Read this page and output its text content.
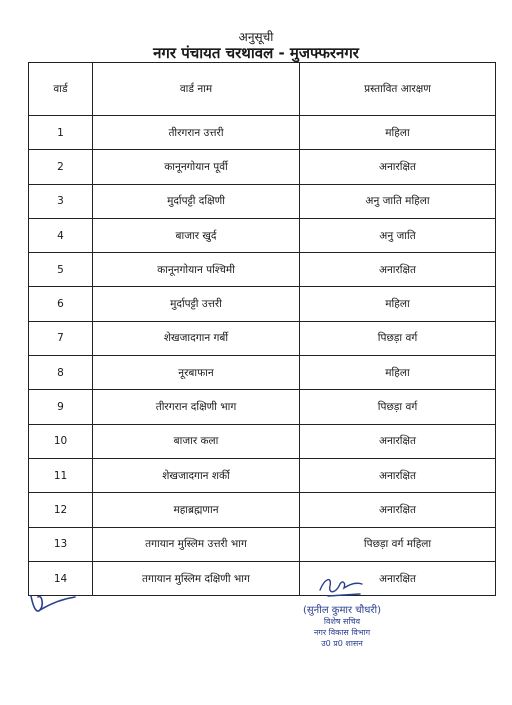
अनुसूची
नगर पंचायत चरथावल - मुजफ्फरनगर
वार्ड	वार्ड नाम	प्रस्तावित आरक्षण
1	तीरगरान उत्तरी	महिला
2	कानूनगोयान पूर्वी	अनारक्षित
3	मुर्दापट्टी दक्षिणी	अनु जाति महिला
4	बाजार खुर्द	अनु जाति
5	कानूनगोयान पश्चिमी	अनारक्षित
6	मुर्दापट्टी उत्तरी	महिला
7	शेखजादगान गर्बी	पिछड़ा वर्ग
8	नूरबाफान	महिला
9	तीरगरान दक्षिणी भाग	पिछड़ा वर्ग
10	बाजार कला	अनारक्षित
11	शेखजादगान शर्की	अनारक्षित
12	महाब्रह्मणान	अनारक्षित
13	तगायान मुस्लिम उत्तरी भाग	पिछड़ा वर्ग महिला
14	तगायान मुस्लिम दक्षिणी भाग	अनारक्षित
(सुनील कुमार चौधरी)
विशेष सचिव
नगर विकास विभाग
उ0 प्र0 शासन
